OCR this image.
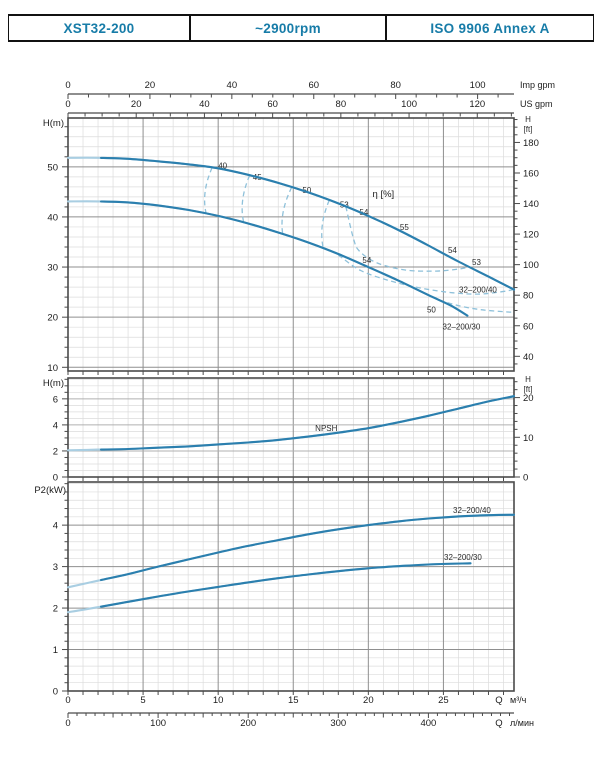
XST32-200	~2900rpm	ISO 9906 Annex A
10
20
30
40
50
40
60
80
100
120
140
160
180
H
[ft]
H(m)
40
45
50
53
54
55
54
53
54
50
η [%]
32–200/40
32–200/30
0
2
4
6
0
10
20
H
[ft]
H(m)
NPSH
0
1
2
3
4
P2(kW)
32–200/40
32–200/30
0	20	40	60	80	100	Imp gpm
0	20	40	60	80	100	120	US gpm
0	5	10	15	20	25	Q м³/ч
0	100	200	300	400	Q л/мин
